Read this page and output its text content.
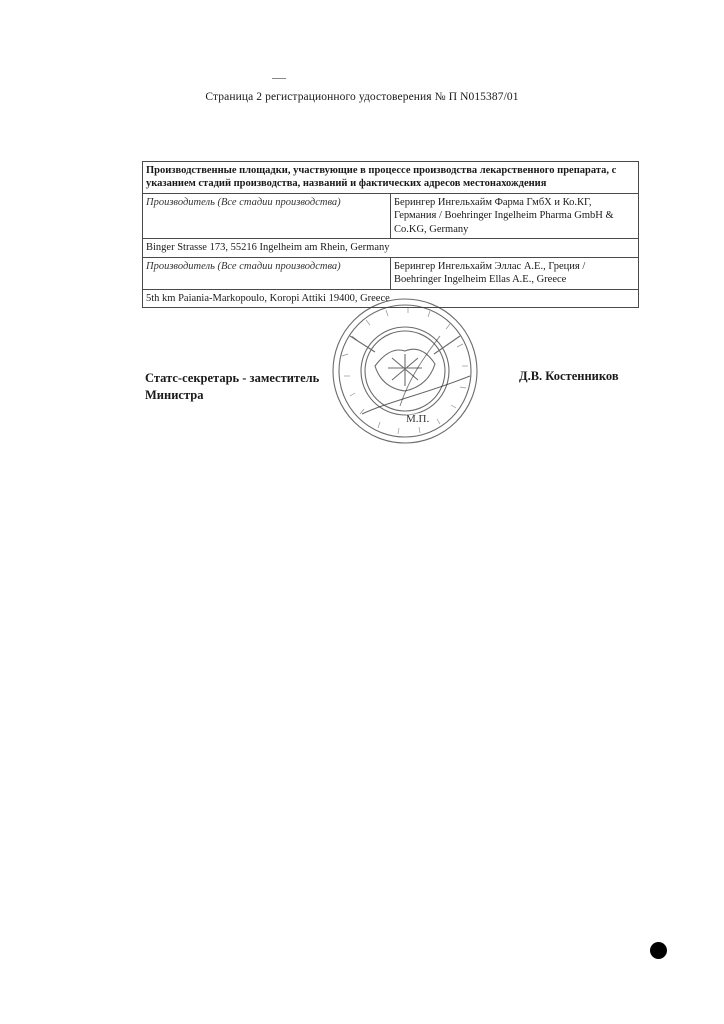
Страница 2 регистрационного удостоверения № П N015387/01
Производственные площадки, участвующие в процессе производства лекарственного препарата, с указанием стадий производства, названий и фактических адресов местонахождения	
Производитель (Все стадии производства)	Берингер Ингельхайм Фарма ГмбХ и Ко.КГ, Германия / Boehringer Ingelheim Pharma GmbH & Co.KG, Germany
Binger Strasse 173, 55216 Ingelheim am Rhein, Germany	
Производитель (Все стадии производства)	Берингер Ингельхайм Эллас А.Е., Греция / Boehringer Ingelheim Ellas A.E., Greece
5th km Paiania-Markopoulo, Koropi Attiki 19400, Greece	
Статс-секретарь - заместитель
Министра
Д.В. Костенников
М.П.
